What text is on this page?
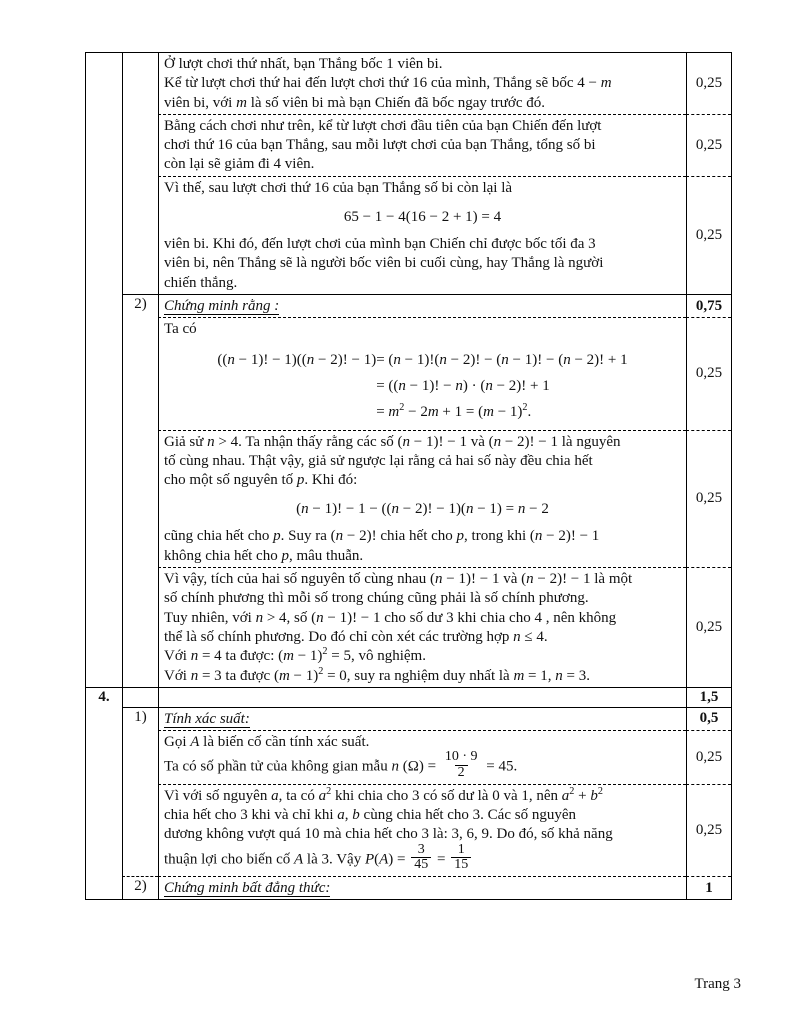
Ở lượt chơi thứ nhất, bạn Thắng bốc 1 viên bi.
Kể từ lượt chơi thứ hai đến lượt chơi thứ 16 của mình, Thắng sẽ bốc 4 − m
viên bi, với m là số viên bi mà bạn Chiến đã bốc ngay trước đó.
0,25
Bằng cách chơi như trên, kể từ lượt chơi đầu tiên của bạn Chiến đến lượt
chơi thứ 16 của bạn Thắng, sau mỗi lượt chơi của bạn Thắng, tổng số bi
còn lại sẽ giảm đi 4 viên.
0,25
Vì thế, sau lượt chơi thứ 16 của bạn Thắng số bi còn lại là
65 − 1 − 4(16 − 2 + 1) = 4
viên bi. Khi đó, đến lượt chơi của mình bạn Chiến chỉ được bốc tối đa 3
viên bi, nên Thắng sẽ là người bốc viên bi cuối cùng, hay Thắng là người
chiến thắng.
0,25
2)	Chứng minh rằng :	0,75
Ta có
((n − 1)! − 1)((n − 2)! − 1)	= (n − 1)!(n − 2)! − (n − 1)! − (n − 2)! + 1
	= ((n − 1)! − n) · (n − 2)! + 1
	= $m^2 - 2m + 1 = (m - 1)^2$.
0,25
Giả sử n > 4. Ta nhận thấy rằng các số (n − 1)! − 1 và (n − 2)! − 1 là nguyên
tố cùng nhau. Thật vậy, giả sử ngược lại rằng cả hai số này đều chia hết
cho một số nguyên tố p. Khi đó:
(n − 1)! − 1 − ((n − 2)! − 1)(n − 1) = n − 2
cũng chia hết cho p. Suy ra (n − 2)! chia hết cho p, trong khi (n − 2)! − 1
không chia hết cho p, mâu thuẫn.
0,25
Vì vậy, tích của hai số nguyên tố cùng nhau (n − 1)! − 1 và (n − 2)! − 1 là một
số chính phương thì mỗi số trong chúng cũng phải là số chính phương.
Tuy nhiên, với n > 4, số (n − 1)! − 1 cho số dư 3 khi chia cho 4 , nên không
thể là số chính phương. Do đó chỉ còn xét các trường hợp n ≤ 4.
Với n = 4 ta được: $(m - 1)^2 = 5$, vô nghiệm.
Với n = 3 ta được $(m - 1)^2 = 0$, suy ra nghiệm duy nhất là m = 1, n = 3.
0,25
4.	1,5
1)	Tính xác suất:	0,5
Gọi A là biến cố cần tính xác suất.
Ta có số phần tử của không gian mẫu n $(\Omega) = \frac{10 \cdot 9}{2} = 45$.
0,25
Vì với số nguyên a, ta có $a^2$ khi chia cho 3 có số dư là 0 và 1, nên $a^2 + b^2$
chia hết cho 3 khi và chỉ khi a, b cùng chia hết cho 3. Các số nguyên
dương không vượt quá 10 mà chia hết cho 3 là: 3, 6, 9. Do đó, số khả năng
thuận lợi cho biến cố A là 3. Vậy $P(A) = \frac{3}{45} = \frac{1}{15}$
0,25
2)	Chứng minh bất đẳng thức:	1
Trang 3
